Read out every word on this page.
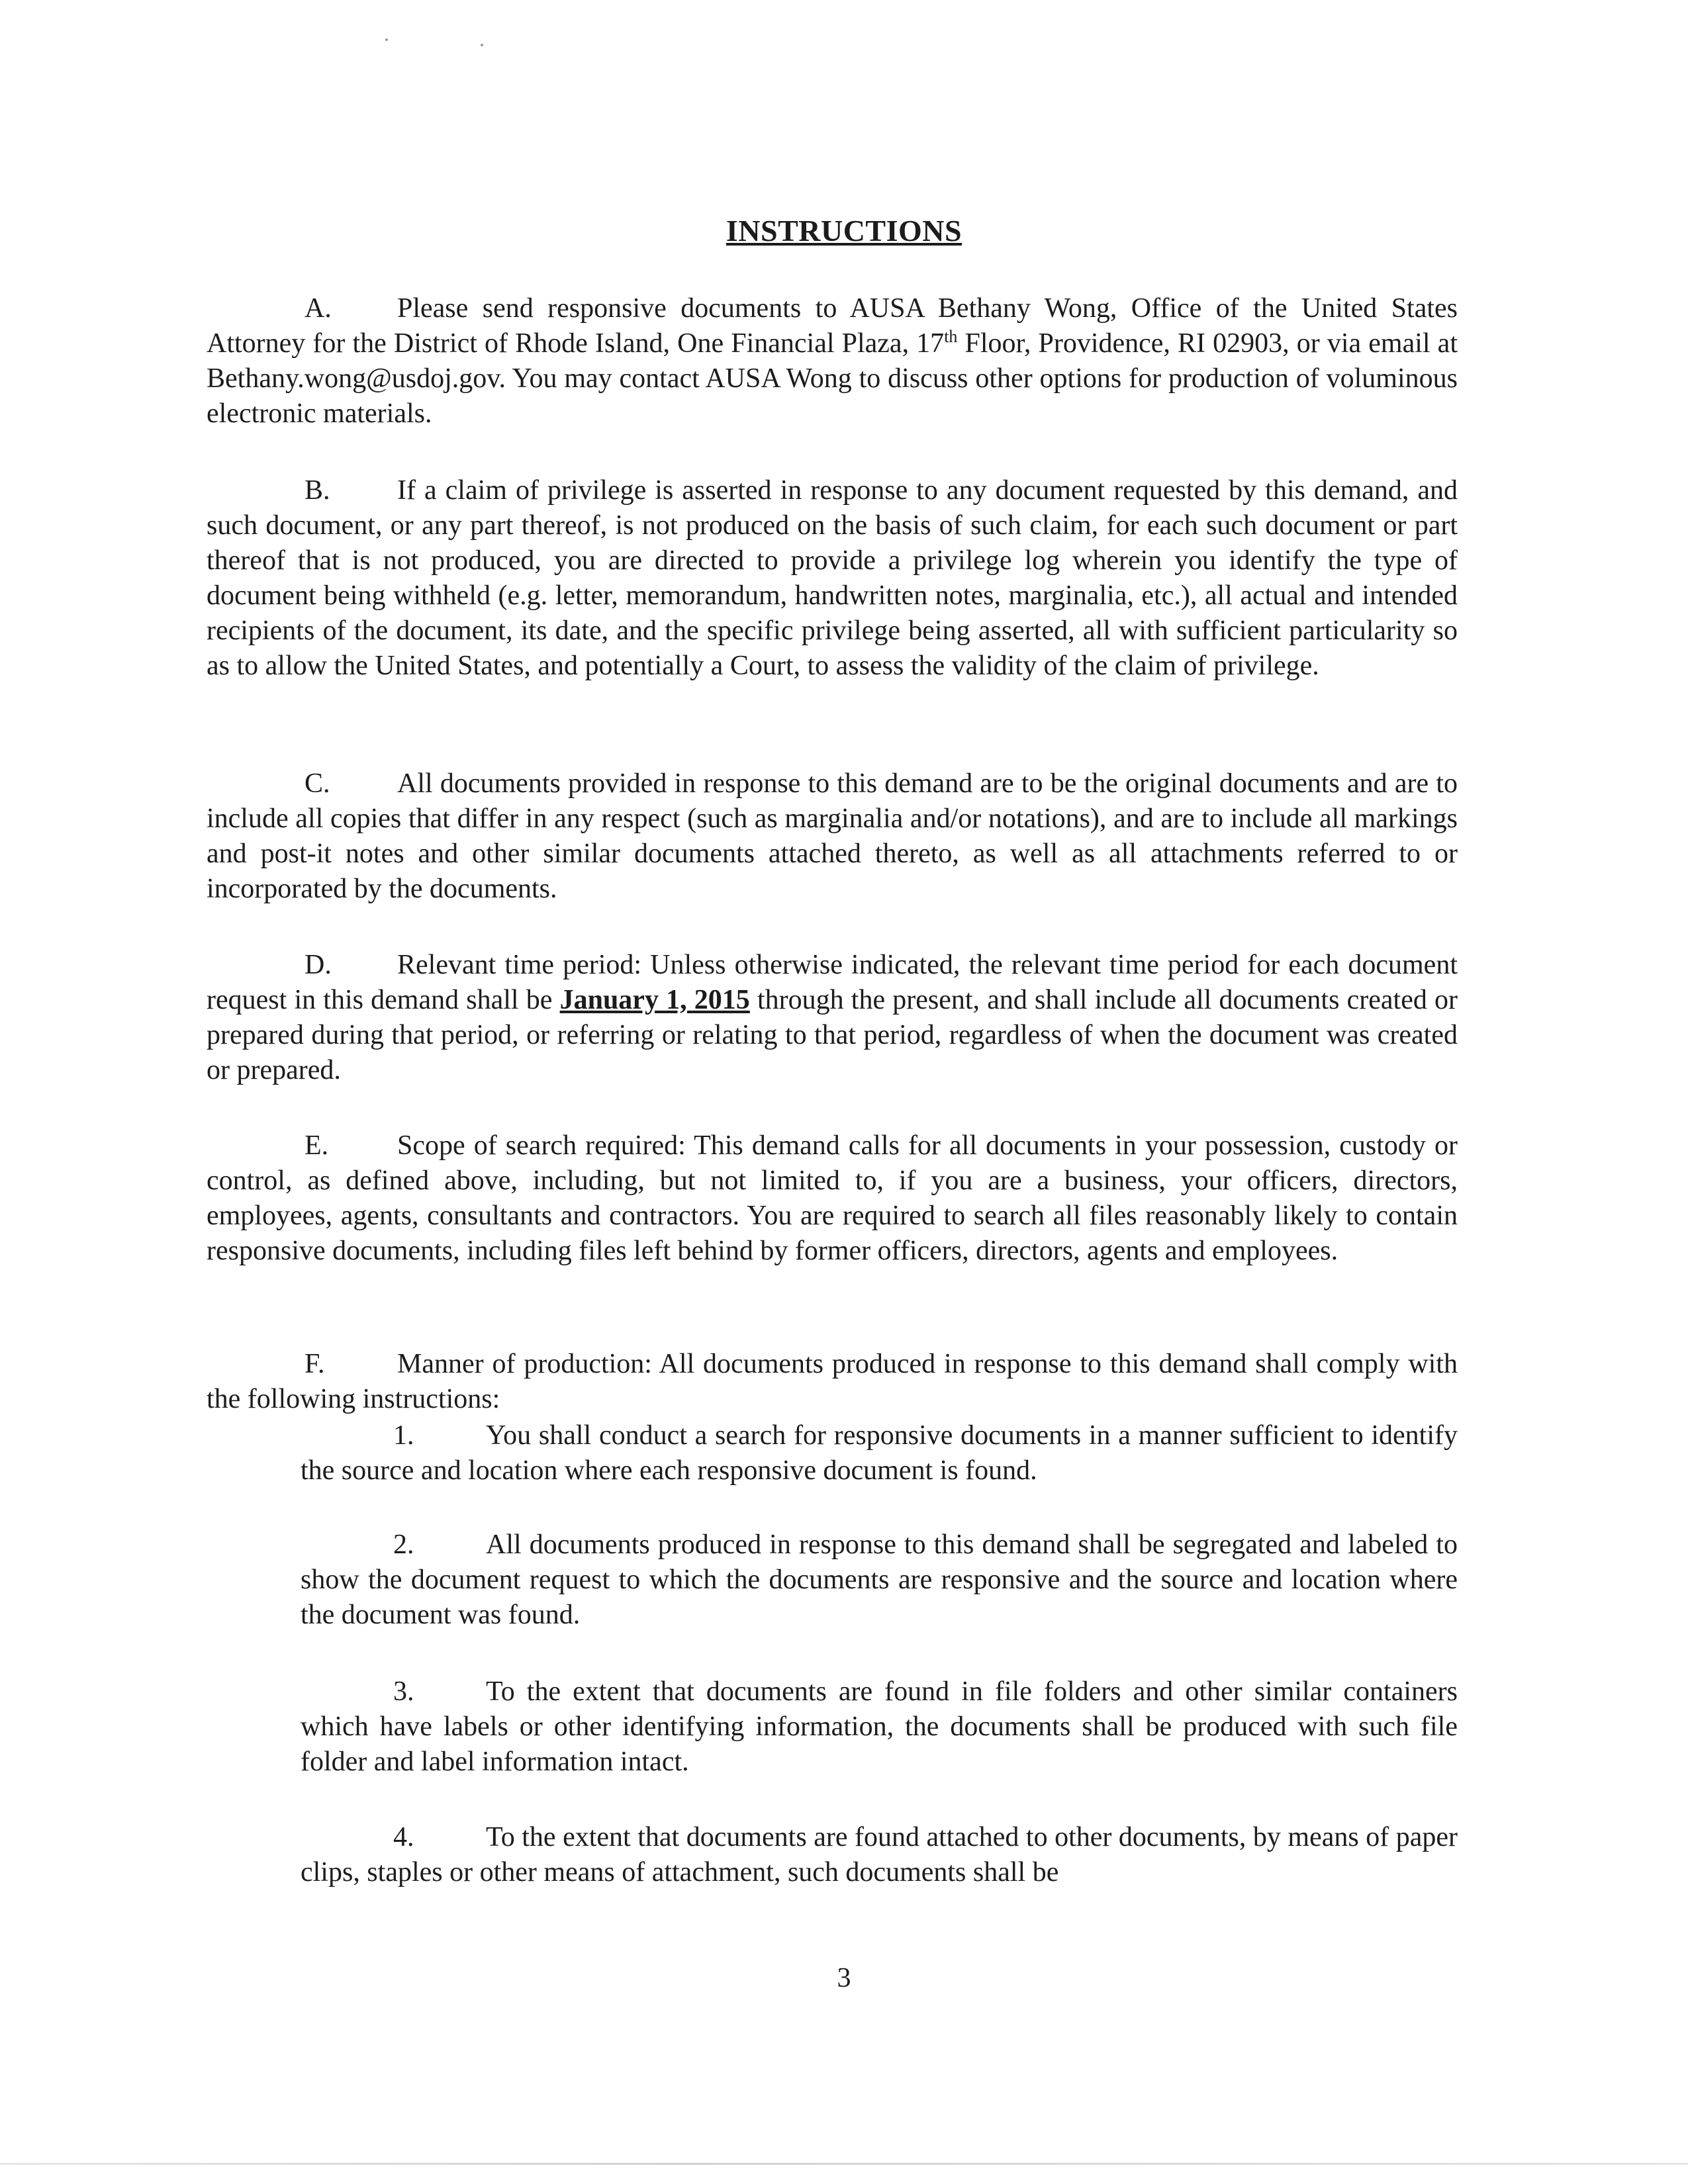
INSTRUCTIONS

A. Please send responsive documents to AUSA Bethany Wong, Office of the United States Attorney for the District of Rhode Island, One Financial Plaza, 17th Floor, Providence, RI 02903, or via email at Bethany.wong@usdoj.gov. You may contact AUSA Wong to discuss other options for production of voluminous electronic materials.

B. If a claim of privilege is asserted in response to any document requested by this demand, and such document, or any part thereof, is not produced on the basis of such claim, for each such document or part thereof that is not produced, you are directed to provide a privilege log wherein you identify the type of document being withheld (e.g. letter, memorandum, handwritten notes, marginalia, etc.), all actual and intended recipients of the document, its date, and the specific privilege being asserted, all with sufficient particularity so as to allow the United States, and potentially a Court, to assess the validity of the claim of privilege.

C. All documents provided in response to this demand are to be the original documents and are to include all copies that differ in any respect (such as marginalia and/or notations), and are to include all markings and post-it notes and other similar documents attached thereto, as well as all attachments referred to or incorporated by the documents.

D. Relevant time period: Unless otherwise indicated, the relevant time period for each document request in this demand shall be January 1, 2015 through the present, and shall include all documents created or prepared during that period, or referring or relating to that period, regardless of when the document was created or prepared.

E. Scope of search required: This demand calls for all documents in your possession, custody or control, as defined above, including, but not limited to, if you are a business, your officers, directors, employees, agents, consultants and contractors. You are required to search all files reasonably likely to contain responsive documents, including files left behind by former officers, directors, agents and employees.

F.	Manner of production: All documents produced in response to this demand shall comply with the following instructions:

1.	You shall conduct a search for responsive documents in a manner sufficient to identify the source and location where each responsive document is found.

2.	All documents produced in response to this demand shall be segregated and labeled to show the document request to which the documents are responsive and the source and location where the document was found.

3.	To the extent that documents are found in file folders and other similar containers which have labels or other identifying information, the documents shall be produced with such file folder and label information intact.

4.	To the extent that documents are found attached to other documents, by means of paper clips, staples or other means of attachment, such documents shall be

3
